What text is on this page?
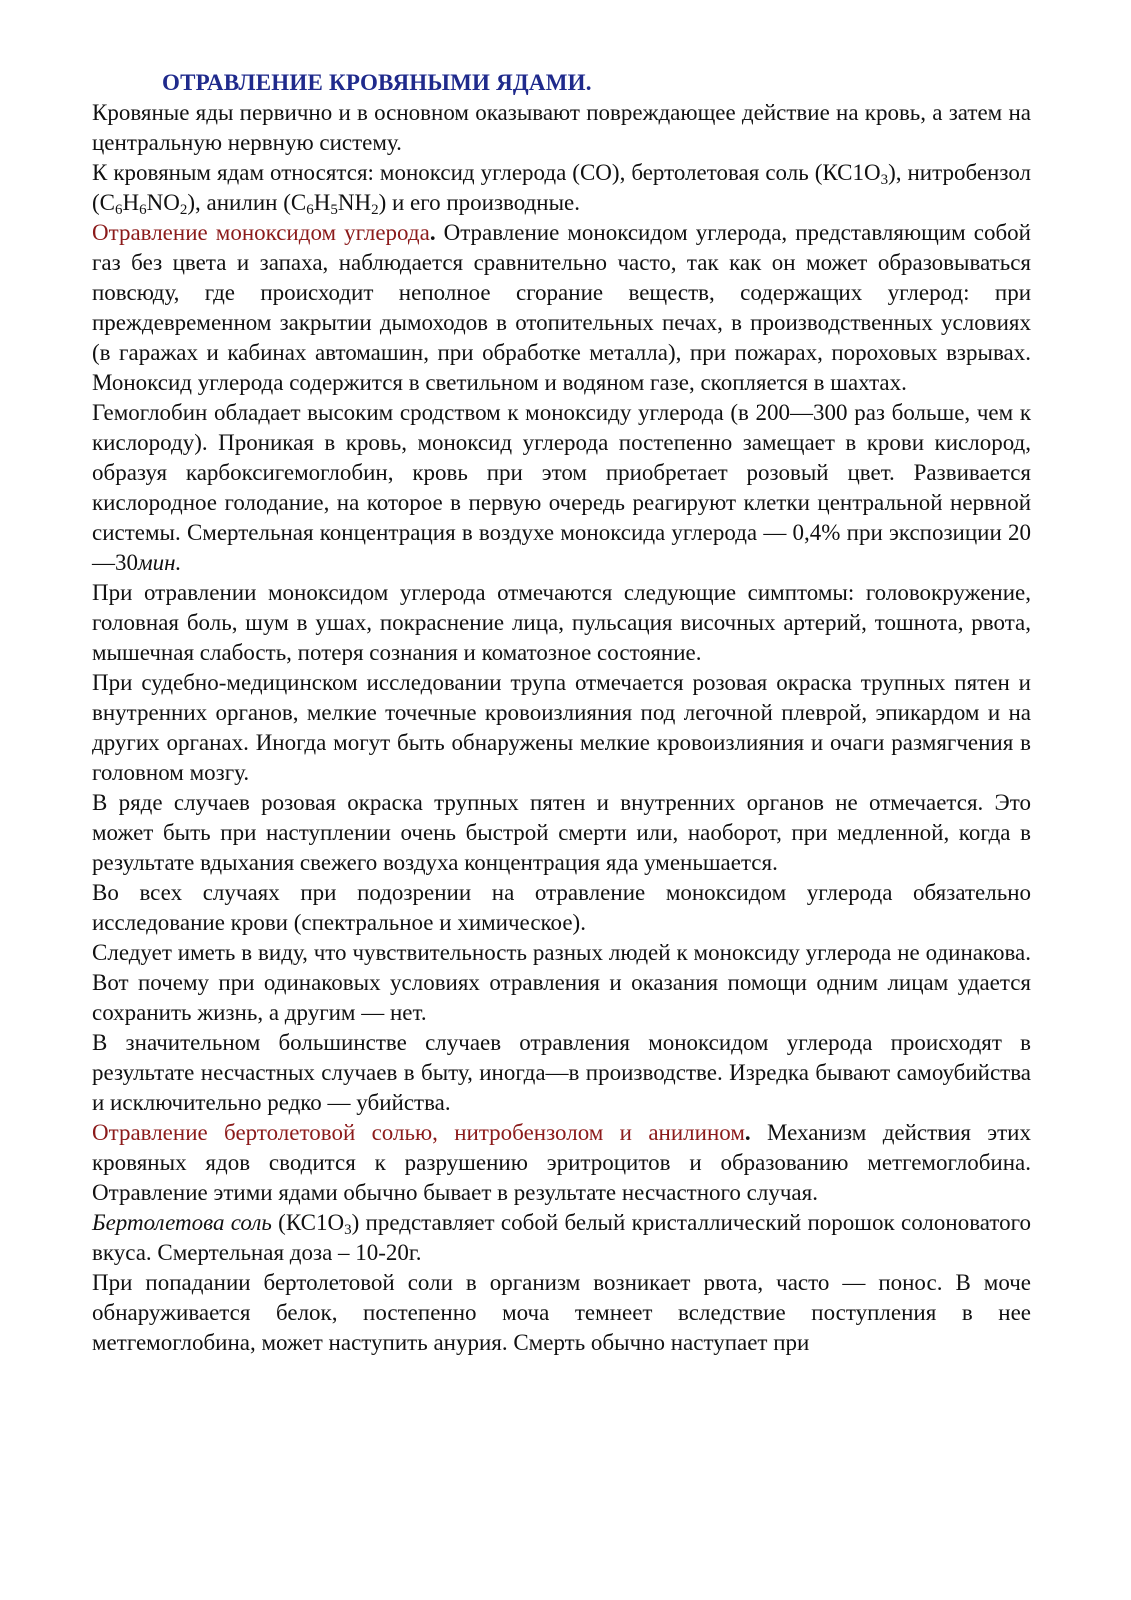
ОТРАВЛЕНИЕ КРОВЯНЫМИ ЯДАМИ.

Кровяные яды первично и в основном оказывают повреждающее действие на кровь, а затем на центральную нервную систему.

К кровяным ядам относятся: моноксид углерода (СО), бертолетовая соль $(КС1О_3)$, нитробензол $(С_6Н_6NO_2)$, анилин $(С_6Н_5NH_2)$ и его производные.

Отравление моноксидом углерода. Отравление моноксидом углерода, представляющим собой газ без цвета и запаха, наблюдается сравнительно часто, так как он может образовываться повсюду, где происходит неполное сгорание веществ, содержащих углерод: при преждевременном закрытии дымоходов в отопительных печах, в производственных условиях (в гаражах и кабинах автомашин, при обработке металла), при пожарах, пороховых взрывах. Моноксид углерода содержится в светильном и водяном газе, скопляется в шахтах.

Гемоглобин обладает высоким сродством к моноксиду углерода (в 200—300 раз больше, чем к кислороду). Проникая в кровь, моноксид углерода постепенно замещает в крови кислород, образуя карбоксигемоглобин, кровь при этом приобретает розовый цвет. Развивается кислородное голодание, на которое в первую очередь реагируют клетки центральной нервной системы. Смертельная концентрация в воздухе моноксида углерода — 0,4% при экспозиции 20—30мин.

При отравлении моноксидом углерода отмечаются следующие симптомы: головокружение, головная боль, шум в ушах, покраснение лица, пульсация височных артерий, тошнота, рвота, мышечная слабость, потеря сознания и коматозное состояние.

При судебно-медицинском исследовании трупа отмечается розовая окраска трупных пятен и внутренних органов, мелкие точечные кровоизлияния под легочной плеврой, эпикардом и на других органах. Иногда могут быть обнаружены мелкие кровоизлияния и очаги размягчения в головном мозгу.

В ряде случаев розовая окраска трупных пятен и внутренних органов не отмечается. Это может быть при наступлении очень быстрой смерти или, наоборот, при медленной, когда в результате вдыхания свежего воздуха концентрация яда уменьшается.

Во всех случаях при подозрении на отравление моноксидом углерода обязательно исследование крови (спектральное и химическое).

Следует иметь в виду, что чувствительность разных людей к моноксиду углерода не одинакова. Вот почему при одинаковых условиях отравления и оказания помощи одним лицам удается сохранить жизнь, а другим — нет.

В значительном большинстве случаев отравления моноксидом углерода происходят в результате несчастных случаев в быту, иногда—в производстве. Изредка бывают самоубийства и исключительно редко — убийства.

Отравление бертолетовой солью, нитробензолом и анилином. Механизм действия этих кровяных ядов сводится к разрушению эритроцитов и образованию метгемоглобина. Отравление этими ядами обычно бывает в результате несчастного случая.

Бертолетова соль $(КС1О_3)$ представляет собой белый кристаллический порошок солоноватого вкуса. Смертельная доза – 10-20г.

При попадании бертолетовой соли в организм возникает рвота, часто — понос. В моче обнаруживается белок, постепенно моча темнеет вследствие поступления в нее метгемоглобина, может наступить анурия. Смерть обычно наступает при
